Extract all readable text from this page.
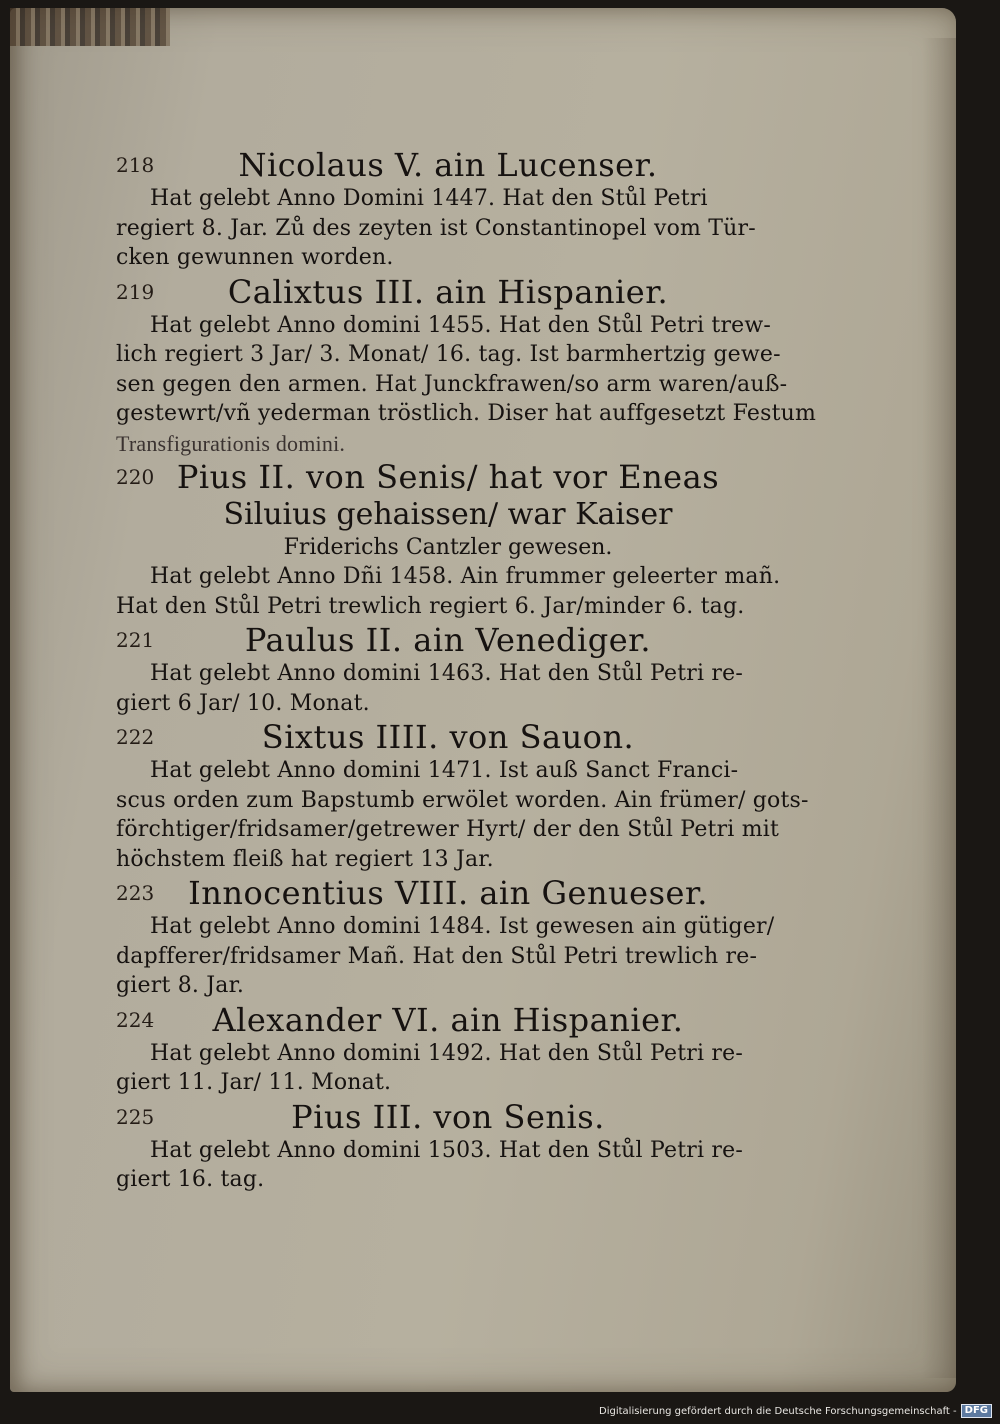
218	Nicolaus V. ain Lucenser.
Hat gelebt Anno Domini 1447. Hat den Stůl Petri
regiert 8. Jar. Zů des zeyten ist Constantinopel vom Tür-
cken gewunnen worden.
219	Calixtus III. ain Hispanier.
Hat gelebt Anno domini 1455. Hat den Stůl Petri trew-
lich regiert 3 Jar/ 3. Monat/ 16. tag. Ist barmhertzig gewe-
sen gegen den armen. Hat Junckfrawen/so arm waren/auß-
gestewrt/vñ yederman tröstlich. Diser hat auffgesetzt Festum
Transfigurationis domini.
220 Pius II. von Senis/ hat vor Eneas
Siluius gehaissen/ war Kaiser
Friderichs Cantzler gewesen.
Hat gelebt Anno Dñi 1458. Ain frummer geleerter mañ.
Hat den Stůl Petri trewlich regiert 6. Jar/minder 6. tag.
221	Paulus II. ain Venediger.
Hat gelebt Anno domini 1463. Hat den Stůl Petri re-
giert 6 Jar/ 10. Monat.
222	Sixtus IIII. von Sauon.
Hat gelebt Anno domini 1471. Ist auß Sanct Franci-
scus orden zum Bapstumb erwölet worden. Ain frümer/ gots-
förchtiger/fridsamer/getrewer Hyrt/ der den Stůl Petri mit
höchstem fleiß hat regiert 13 Jar.
223	Innocentius VIII. ain Genueser.
Hat gelebt Anno domini 1484. Ist gewesen ain gütiger/
dapfferer/fridsamer Mañ. Hat den Stůl Petri trewlich re-
giert 8. Jar.
224	Alexander VI. ain Hispanier.
Hat gelebt Anno domini 1492. Hat den Stůl Petri re-
giert 11. Jar/ 11. Monat.
225	Pius III. von Senis.
Hat gelebt Anno domini 1503. Hat den Stůl Petri re-
giert 16. tag.
Digitalisierung gefördert durch die Deutsche Forschungsgemeinschaft - DFG
